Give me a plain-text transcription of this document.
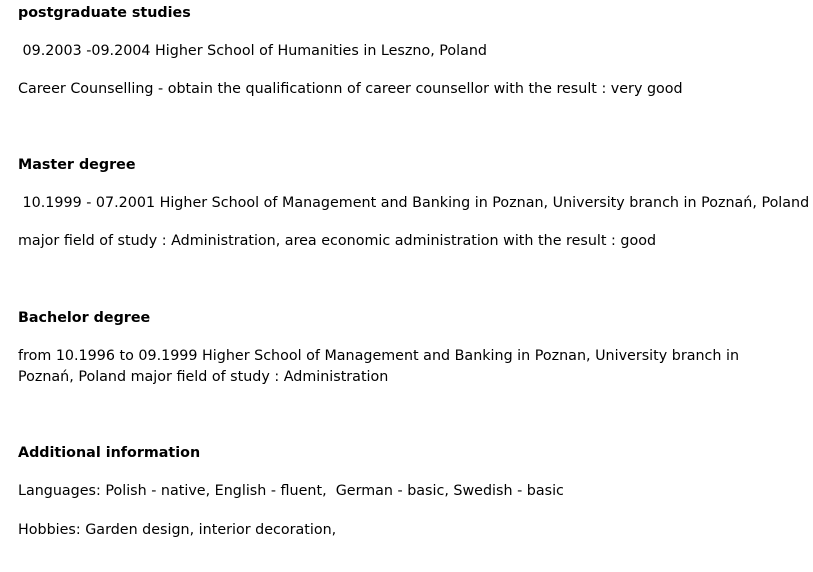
postgraduate studies
09.2003 -09.2004 Higher School of Humanities in Leszno, Poland
Career Counselling - obtain the qualificationn of career counsellor with the result : very good
Master degree
10.1999 - 07.2001 Higher School of Management and Banking in Poznan, University branch in Poznań, Poland
major field of study : Administration, area economic administration with the result : good
Bachelor degree
from 10.1996 to 09.1999 Higher School of Management and Banking in Poznan, University branch in Poznań, Poland major field of study : Administration
Additional information
Languages: Polish - native, English - fluent,  German - basic, Swedish - basic
Hobbies: Garden design, interior decoration,
